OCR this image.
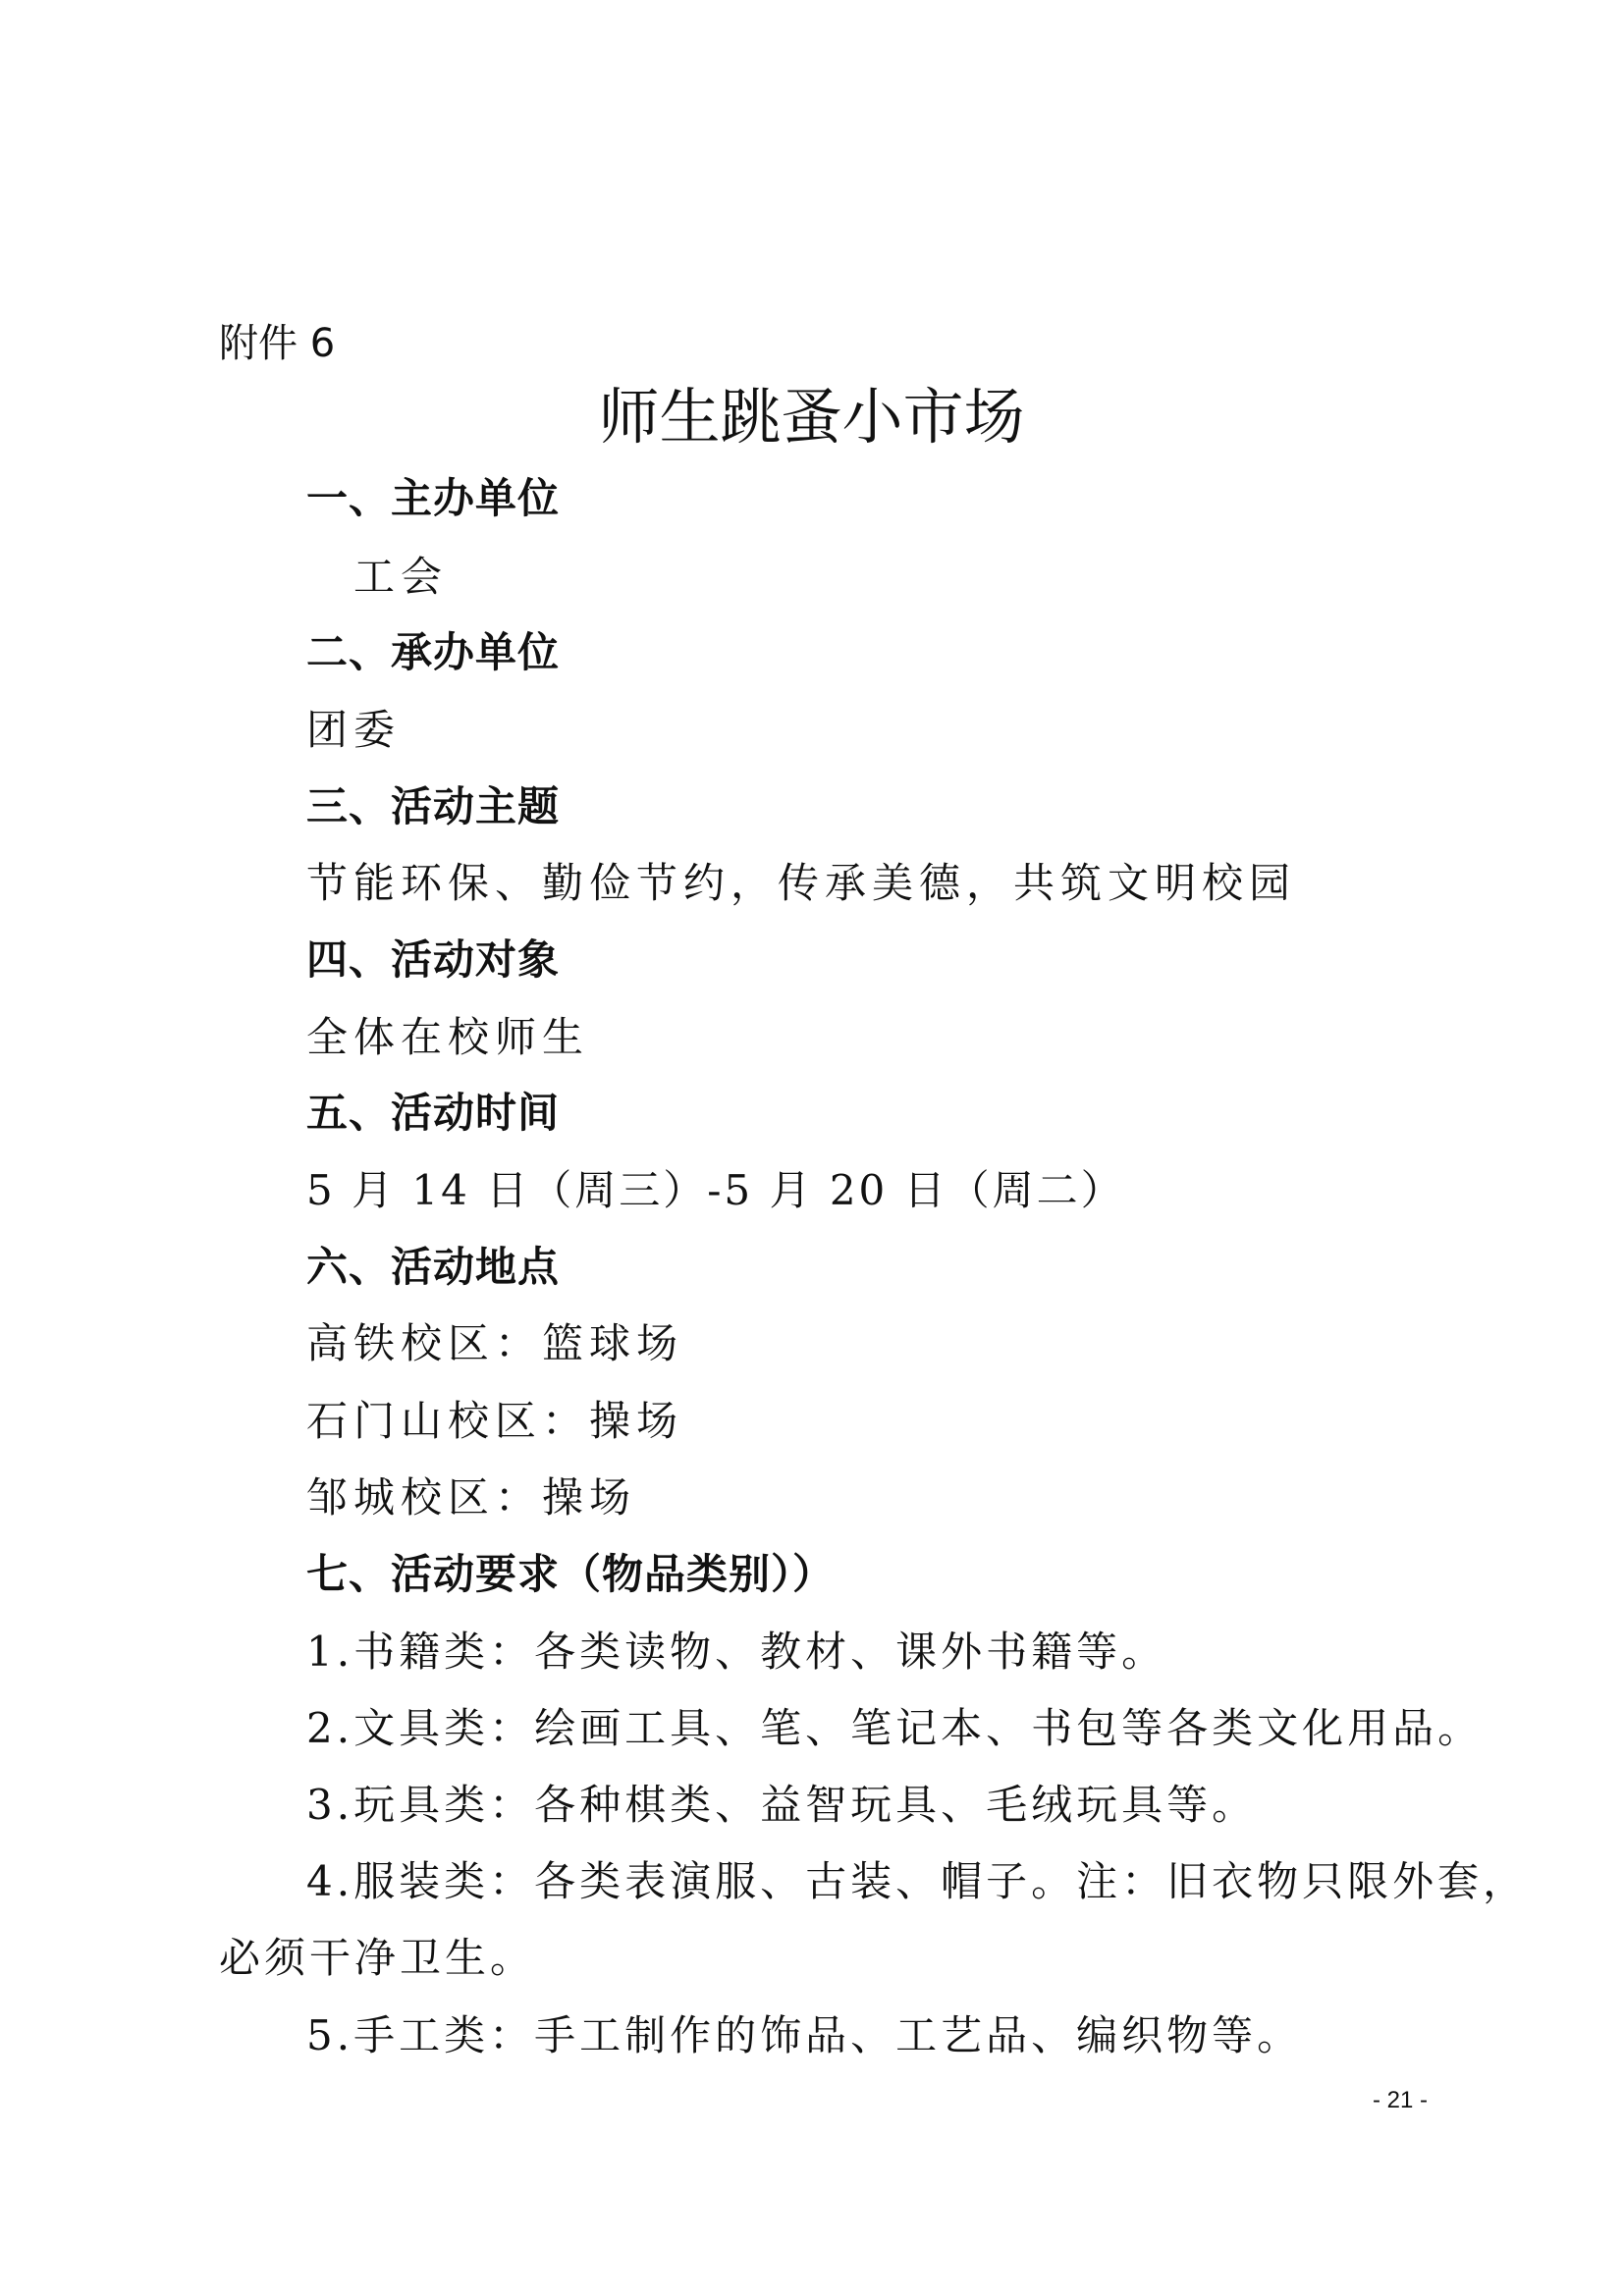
附件 6
师生跳蚤小市场
一、主办单位
工会
二、承办单位
团委
三、活动主题
节能环保、勤俭节约，传承美德，共筑文明校园
四、活动对象
全体在校师生
五、活动时间
5 月 14 日（周三）-5 月 20 日（周二）
六、活动地点
高铁校区：篮球场
石门山校区：操场
邹城校区：操场
七、活动要求（物品类别））
1.书籍类：各类读物、教材、课外书籍等。
2.文具类：绘画工具、笔、笔记本、书包等各类文化用品。
3.玩具类：各种棋类、益智玩具、毛绒玩具等。
4.服装类：各类表演服、古装、帽子。注：旧衣物只限外套，
必须干净卫生。
5.手工类：手工制作的饰品、工艺品、编织物等。
- 21 -
